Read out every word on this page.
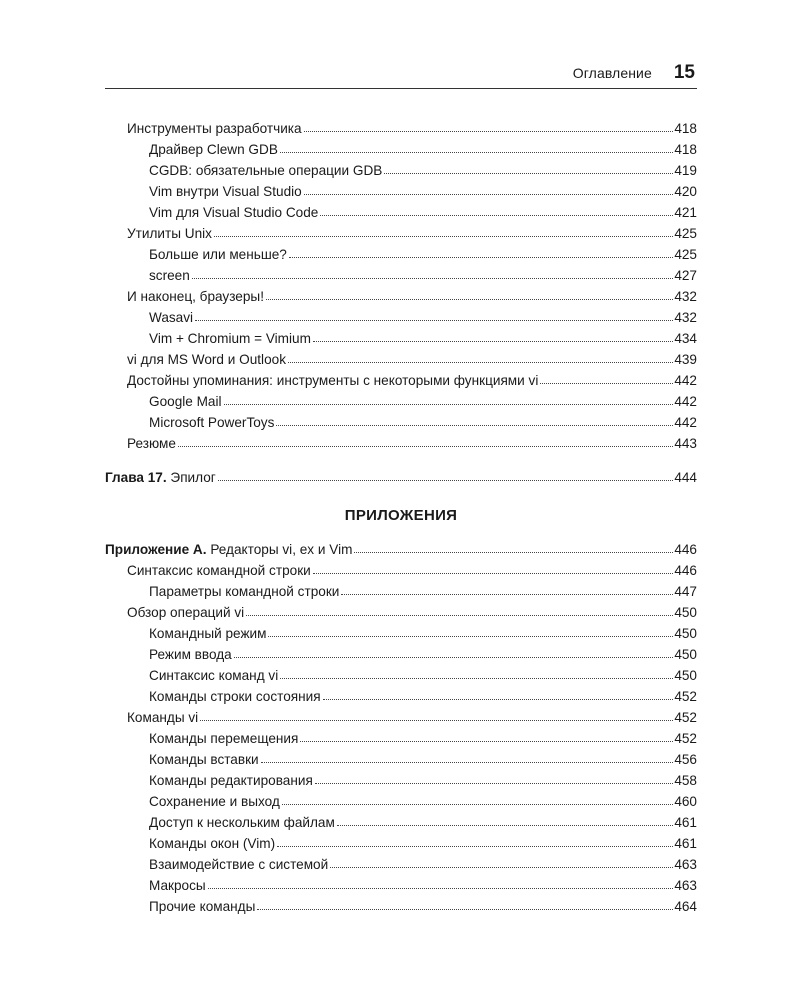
Оглавление 15
Инструменты разработчика	418
Драйвер Clewn GDB	418
CGDB: обязательные операции GDB	419
Vim внутри Visual Studio	420
Vim для Visual Studio Code	421
Утилиты Unix	425
Больше или меньше?	425
screen	427
И наконец, браузеры!	432
Wasavi	432
Vim + Chromium = Vimium	434
vi для MS Word и Outlook	439
Достойны упоминания: инструменты с некоторыми функциями vi	442
Google Mail	442
Microsoft PowerToys	442
Резюме	443
Глава 17. Эпилог	444
Приложение А. Редакторы vi, ex и Vim	446
Синтаксис командной строки	446
Параметры командной строки	447
Обзор операций vi	450
Командный режим	450
Режим ввода	450
Синтаксис команд vi	450
Команды строки состояния	452
Команды vi	452
Команды перемещения	452
Команды вставки	456
Команды редактирования	458
Сохранение и выход	460
Доступ к нескольким файлам	461
Команды окон (Vim)	461
Взаимодействие с системой	463
Макросы	463
Прочие команды	464
ПРИЛОЖЕНИЯ
